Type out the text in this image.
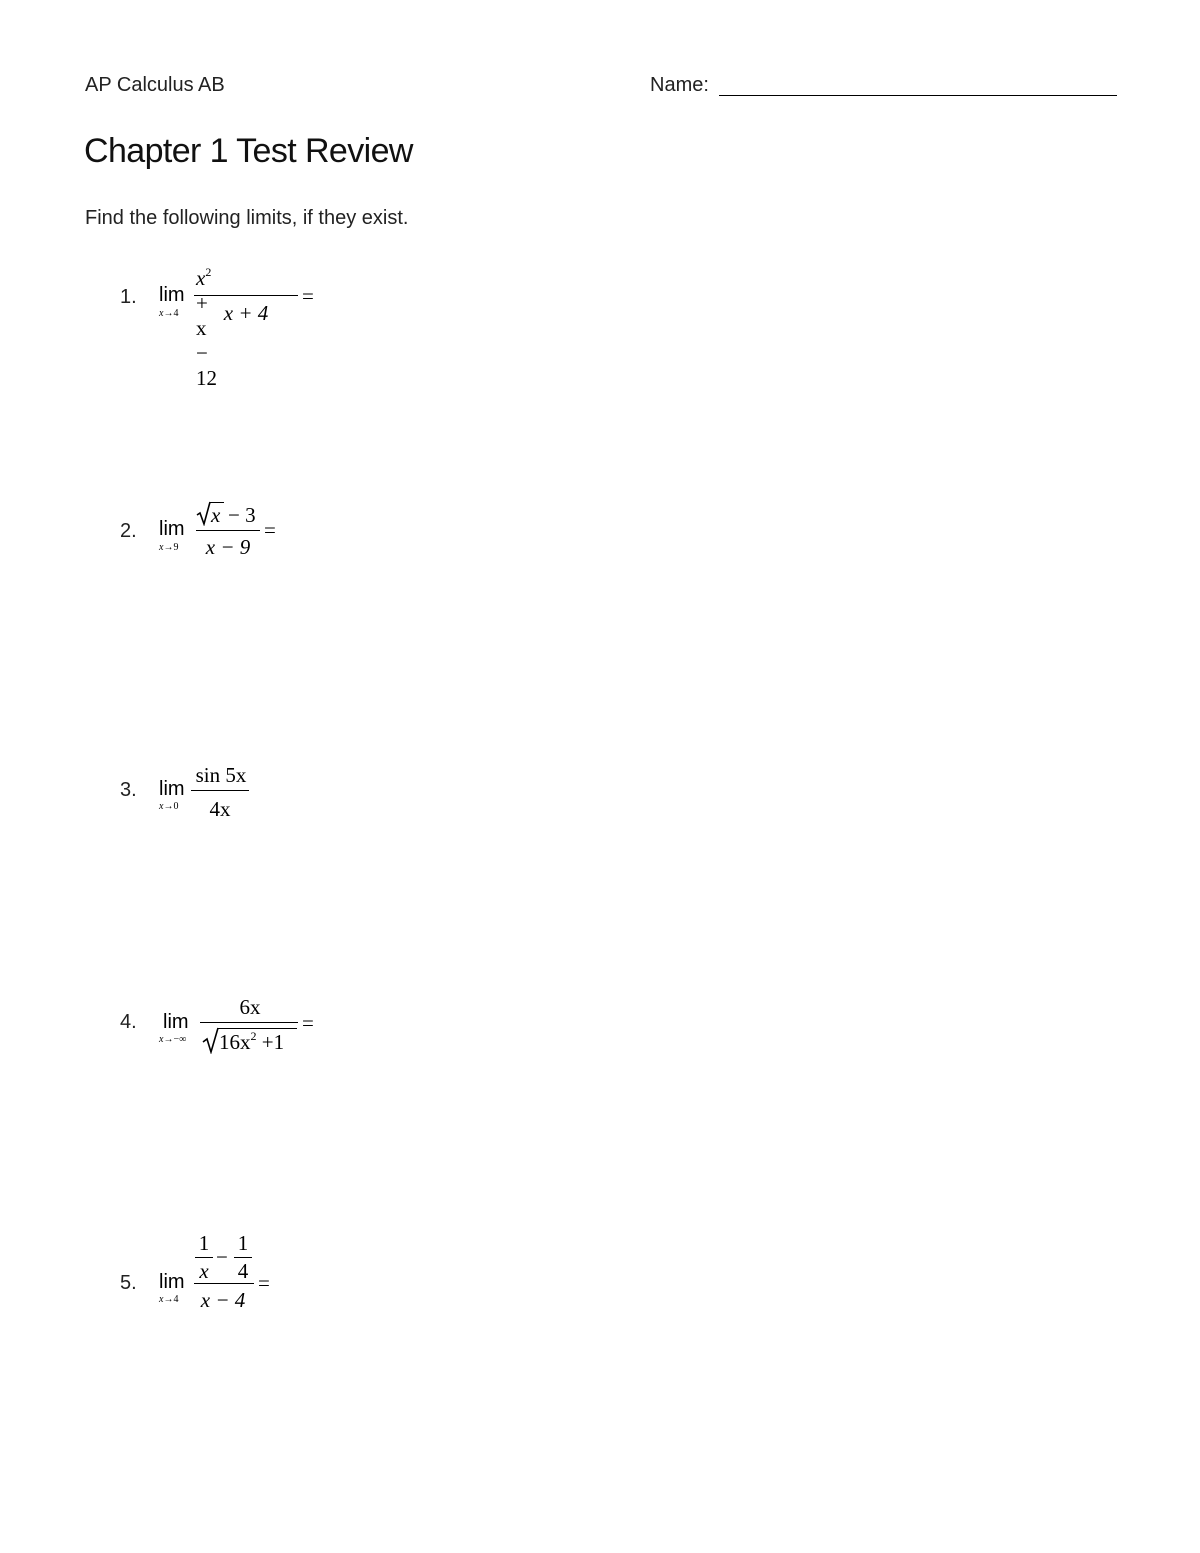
AP Calculus AB	Name:
Chapter 1 Test Review
Find the following limits, if they exist.
1. lim
x→4
$x^2 + x - 12$
x + 4
=
2. lim
x→9
x − 3
x − 9
=
3. lim
x→0
sin 5x
4x
4. lim
x→−∞
6x
$16x^2 +1$
=
5. lim
x→4
1
x
−
1
4
x − 4
=
